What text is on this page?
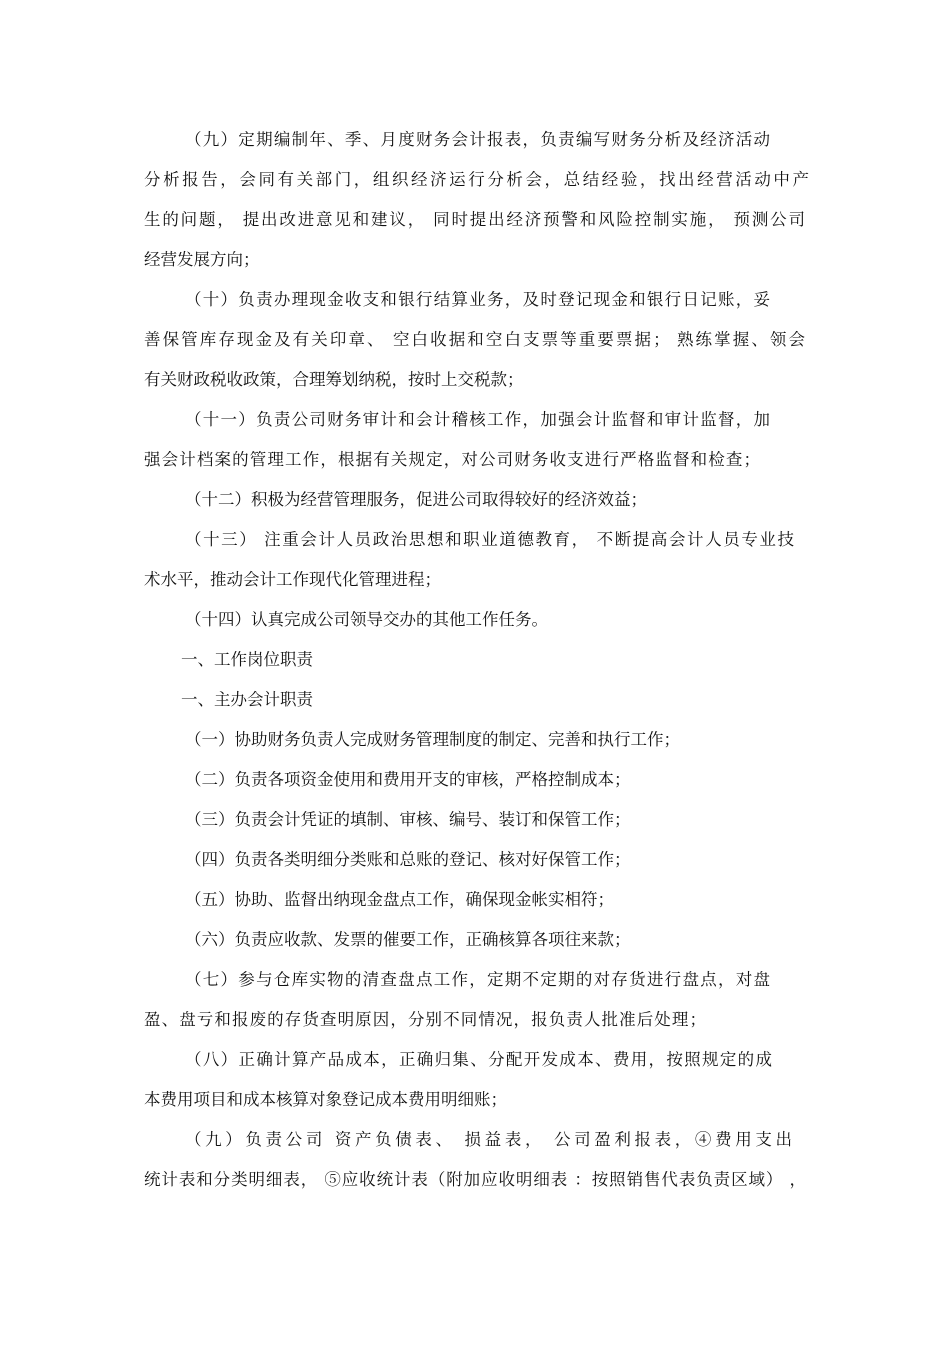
（九）定期编制年、季、月度财务会计报表，负责编写财务分析及经济活动
分析报告，会同有关部门，组织经济运行分析会，总结经验，找出经营活动中产
生的问题， 提出改进意见和建议， 同时提出经济预警和风险控制实施， 预测公司
经营发展方向；
（十）负责办理现金收支和银行结算业务，及时登记现金和银行日记账，妥
善保管库存现金及有关印章、 空白收据和空白支票等重要票据； 熟练掌握、领会
有关财政税收政策，合理筹划纳税，按时上交税款；
（十一）负责公司财务审计和会计稽核工作，加强会计监督和审计监督，加
强会计档案的管理工作，根据有关规定，对公司财务收支进行严格监督和检查；
（十二）积极为经营管理服务，促进公司取得较好的经济效益；
（十三） 注重会计人员政治思想和职业道德教育， 不断提高会计人员专业技
术水平，推动会计工作现代化管理进程；
（十四）认真完成公司领导交办的其他工作任务。
一、工作岗位职责
一、主办会计职责
（一）协助财务负责人完成财务管理制度的制定、完善和执行工作；
（二）负责各项资金使用和费用开支的审核，严格控制成本；
（三）负责会计凭证的填制、审核、编号、装订和保管工作；
（四）负责各类明细分类账和总账的登记、核对好保管工作；
（五）协助、监督出纳现金盘点工作，确保现金帐实相符；
（六）负责应收款、发票的催要工作，正确核算各项往来款；
（七）参与仓库实物的清查盘点工作，定期不定期的对存货进行盘点，对盘
盈、盘亏和报废的存货查明原因，分别不同情况，报负责人批准后处理；
（八）正确计算产品成本，正确归集、分配开发成本、费用，按照规定的成
本费用项目和成本核算对象登记成本费用明细账；
（九）负责公司 资产负债表、 损益表， 公司盈利报表，④费用支出
统计表和分类明细表， ⑤应收统计表（附加应收明细表 ：按照销售代表负责区域） ，
